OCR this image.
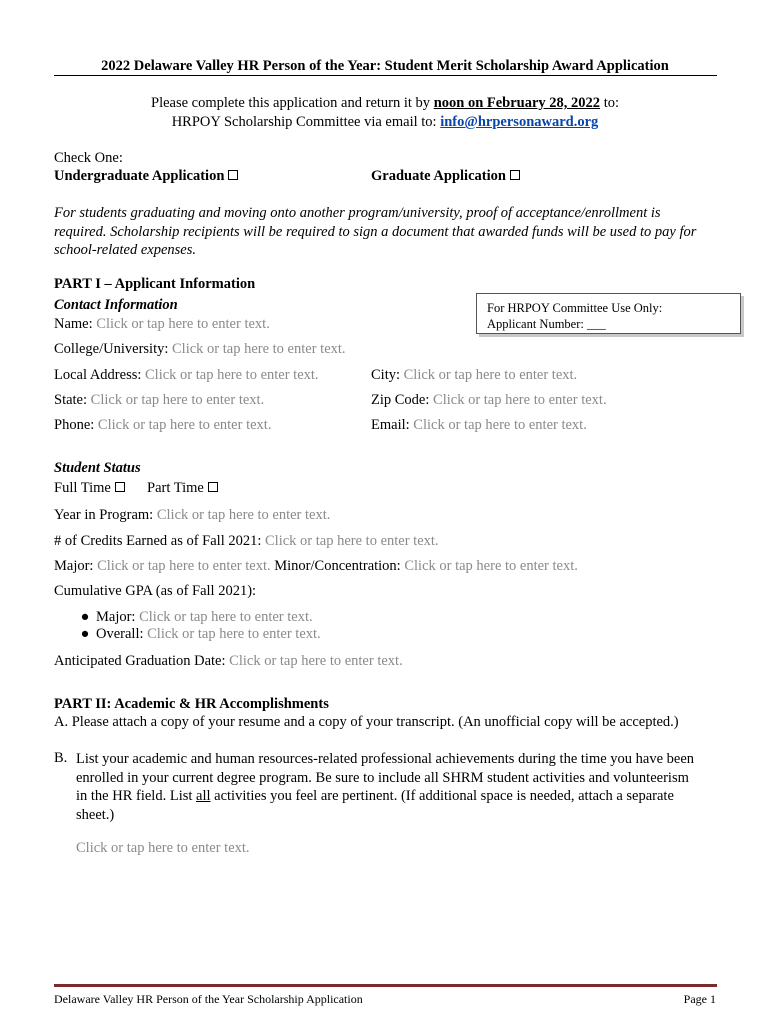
2022 Delaware Valley HR Person of the Year: Student Merit Scholarship Award Application
Please complete this application and return it by noon on February 28, 2022 to:
HRPOY Scholarship Committee via email to: info@hrpersonaward.org
Check One:
Undergraduate Application	Graduate Application
For students graduating and moving onto another program/university, proof of acceptance/enrollment is required. Scholarship recipients will be required to sign a document that awarded funds will be used to pay for school-related expenses.
PART I – Applicant Information
Contact Information	For HRPOY Committee Use Only:
Applicant Number: ___
Name: Click or tap here to enter text.
College/University: Click or tap here to enter text.
Local Address: Click or tap here to enter text.	City: Click or tap here to enter text.
State: Click or tap here to enter text.	Zip Code: Click or tap here to enter text.
Phone: Click or tap here to enter text.	Email: Click or tap here to enter text.
Student Status
Full Time	Part Time
Year in Program: Click or tap here to enter text.
# of Credits Earned as of Fall 2021: Click or tap here to enter text.
Major: Click or tap here to enter text. Minor/Concentration: Click or tap here to enter text.
Cumulative GPA (as of Fall 2021):
● Major: Click or tap here to enter text.
● Overall: Click or tap here to enter text.
Anticipated Graduation Date: Click or tap here to enter text.
PART II: Academic & HR Accomplishments
A. Please attach a copy of your resume and a copy of your transcript. (An unofficial copy will be accepted.)
B. List your academic and human resources-related professional achievements during the time you have been enrolled in your current degree program. Be sure to include all SHRM student activities and volunteerism in the HR field. List all activities you feel are pertinent. (If additional space is needed, attach a separate sheet.)
Click or tap here to enter text.
Delaware Valley HR Person of the Year Scholarship Application	Page 1
